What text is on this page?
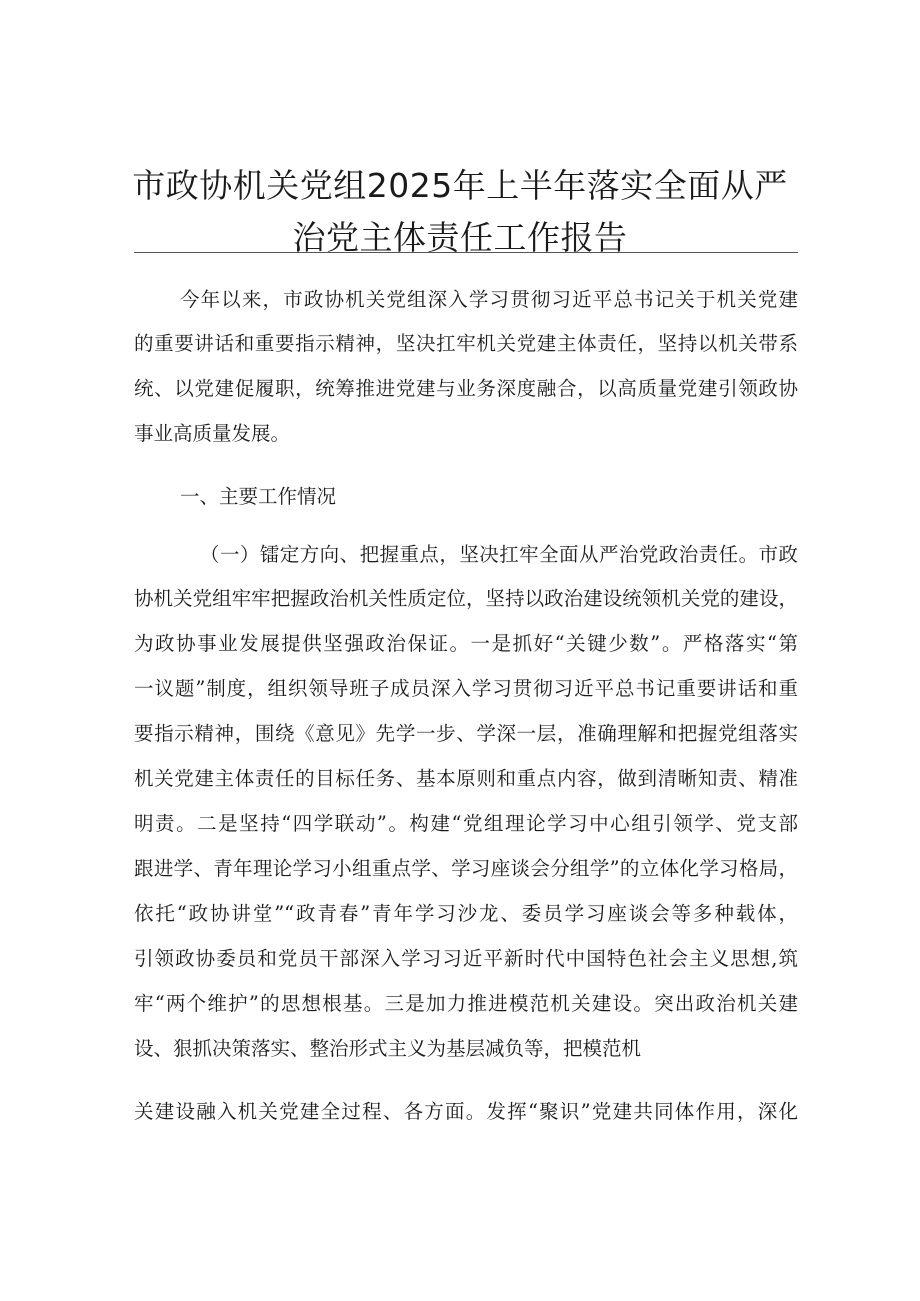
市政协机关党组2025年上半年落实全面从严
治党主体责任工作报告
今年以来，市政协机关党组深入学习贯彻习近平总书记关于机关党建
的重要讲话和重要指示精神，坚决扛牢机关党建主体责任，坚持以机关带系
统、以党建促履职，统筹推进党建与业务深度融合，以高质量党建引领政协
事业高质量发展。
一、主要工作情况
（一）镭定方向、把握重点，坚决扛牢全面从严治党政治责任。市政
协机关党组牢牢把握政治机关性质定位，坚持以政治建设统领机关党的建设，
为政协事业发展提供坚强政治保证。一是抓好“关键少数”。严格落实“第
一议题”制度，组织领导班子成员深入学习贯彻习近平总书记重要讲话和重
要指示精神，围绕《意见》先学一步、学深一层，准确理解和把握党组落实
机关党建主体责任的目标任务、基本原则和重点内容，做到清晰知责、精准
明责。二是坚持“四学联动”。构建“党组理论学习中心组引领学、党支部
跟进学、青年理论学习小组重点学、学习座谈会分组学”的立体化学习格局，
依托“政协讲堂”“政青春”青年学习沙龙、委员学习座谈会等多种载体，
引领政协委员和党员干部深入学习习近平新时代中国特色社会主义思想,筑
牢“两个维护”的思想根基。三是加力推进模范机关建设。突出政治机关建
设、狠抓决策落实、整治形式主义为基层减负等，把模范机
关建设融入机关党建全过程、各方面。发挥“聚识”党建共同体作用，深化
